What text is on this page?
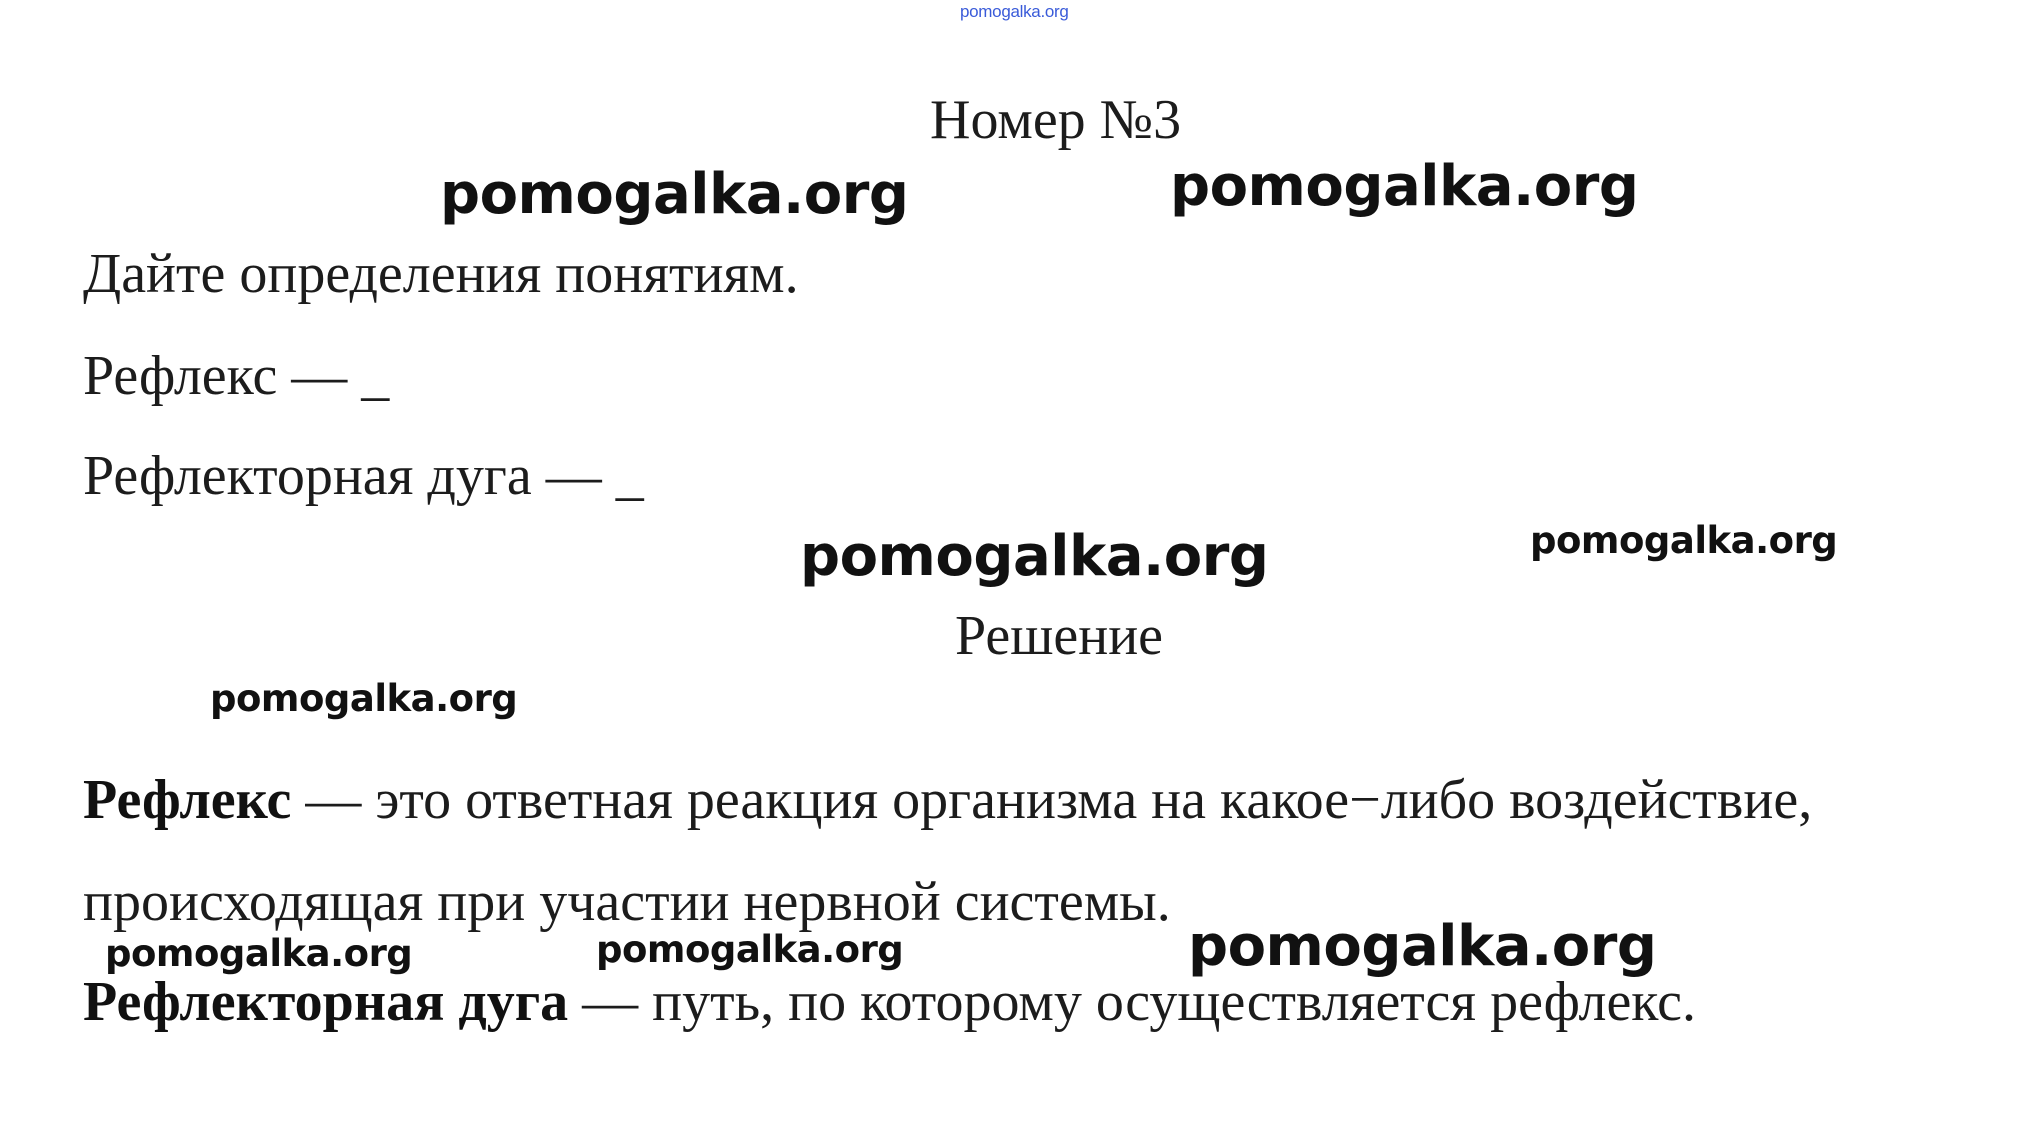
pomogalka.org
Номер №3
Дайте определения понятиям.
Рефлекс — _
Рефлекторная дуга — _
Решение
Рефлекс — это ответная реакция организма на какое−либо воздействие,
происходящая при участии нервной системы.
Рефлекторная дуга — путь, по которому осуществляется рефлекс.
pomogalka.org	pomogalka.org
pomogalka.org	pomogalka.org
pomogalka.org
pomogalka.org	pomogalka.org	pomogalka.org
